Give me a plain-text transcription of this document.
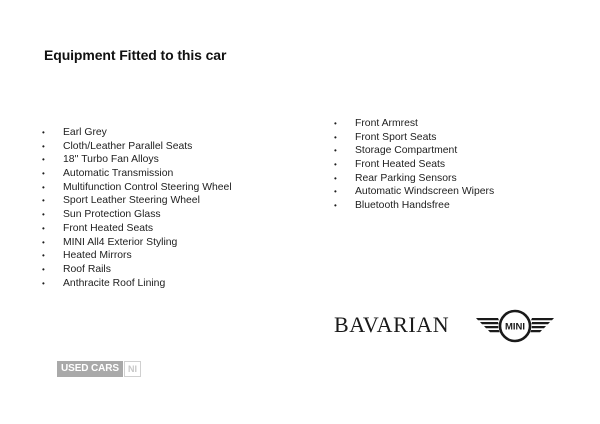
Equipment Fitted to this car
• Earl Grey
• Cloth/Leather Parallel Seats
• 18'' Turbo Fan Alloys
• Automatic Transmission
• Multifunction Control Steering Wheel
• Sport Leather Steering Wheel
• Sun Protection Glass
• Front Heated Seats
• MINI All4 Exterior Styling
• Heated Mirrors
• Roof Rails
• Anthracite Roof Lining
• Front Armrest
• Front Sport Seats
• Storage Compartment
• Front Heated Seats
• Rear Parking Sensors
• Automatic Windscreen Wipers
• Bluetooth Handsfree
BAVARIAN	MINI
USED CARS	NI
